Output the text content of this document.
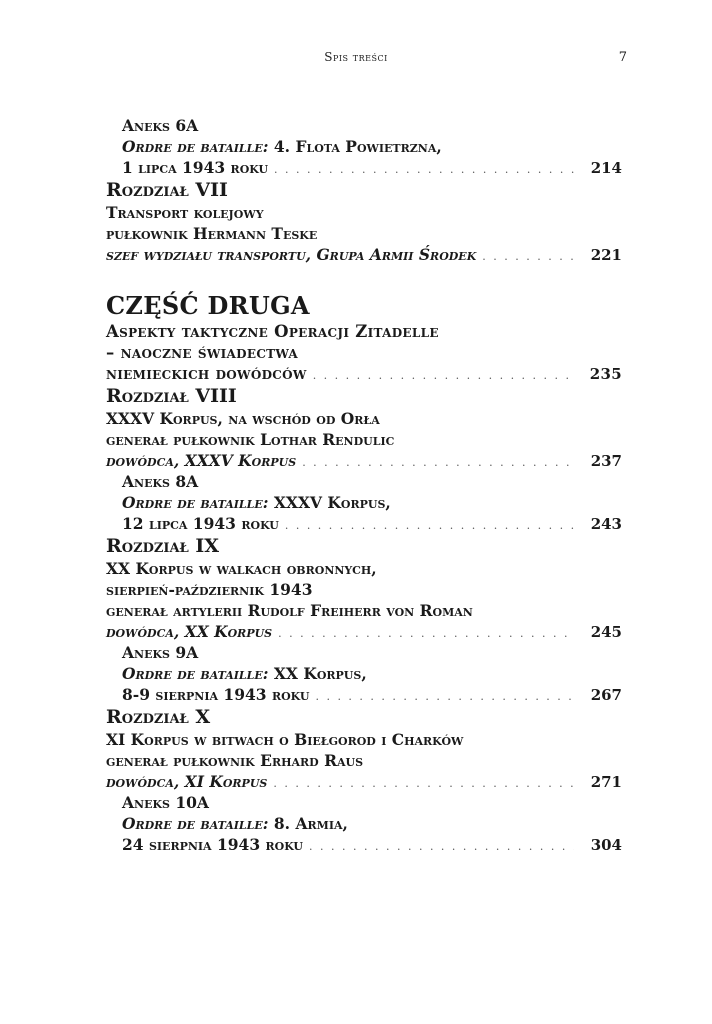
Spis treści	7
Aneks 6A
Ordre de bataille: 4. Flota Powietrzna,
1 lipca 1943 roku . . .	214
Rozdział VII
Transport kolejowy
pułkownik Hermann Teske
szef wydziału transportu, Grupa Armii Środek . . .	221
CZĘŚĆ DRUGA
Aspekty taktyczne Operacji Zitadelle
– naoczne świadectwa
niemieckich dowódców . . .	235
Rozdział VIII
XXXV Korpus, na wschód od Orła
generał pułkownik Lothar Rendulic
dowódca, XXXV Korpus . . .	237
Aneks 8A
Ordre de bataille: XXXV Korpus,
12 lipca 1943 roku . . .	243
Rozdział IX
XX Korpus w walkach obronnych,
sierpień-październik 1943
generał artylerii Rudolf Freiherr von Roman
dowódca, XX Korpus . . .	245
Aneks 9A
Ordre de bataille: XX Korpus,
8-9 sierpnia 1943 roku . . .	267
Rozdział X
XI Korpus w bitwach o Biełgorod i Charków
generał pułkownik Erhard Raus
dowódca, XI Korpus . . .	271
Aneks 10A
Ordre de bataille: 8. Armia,
24 sierpnia 1943 roku . . .	304
